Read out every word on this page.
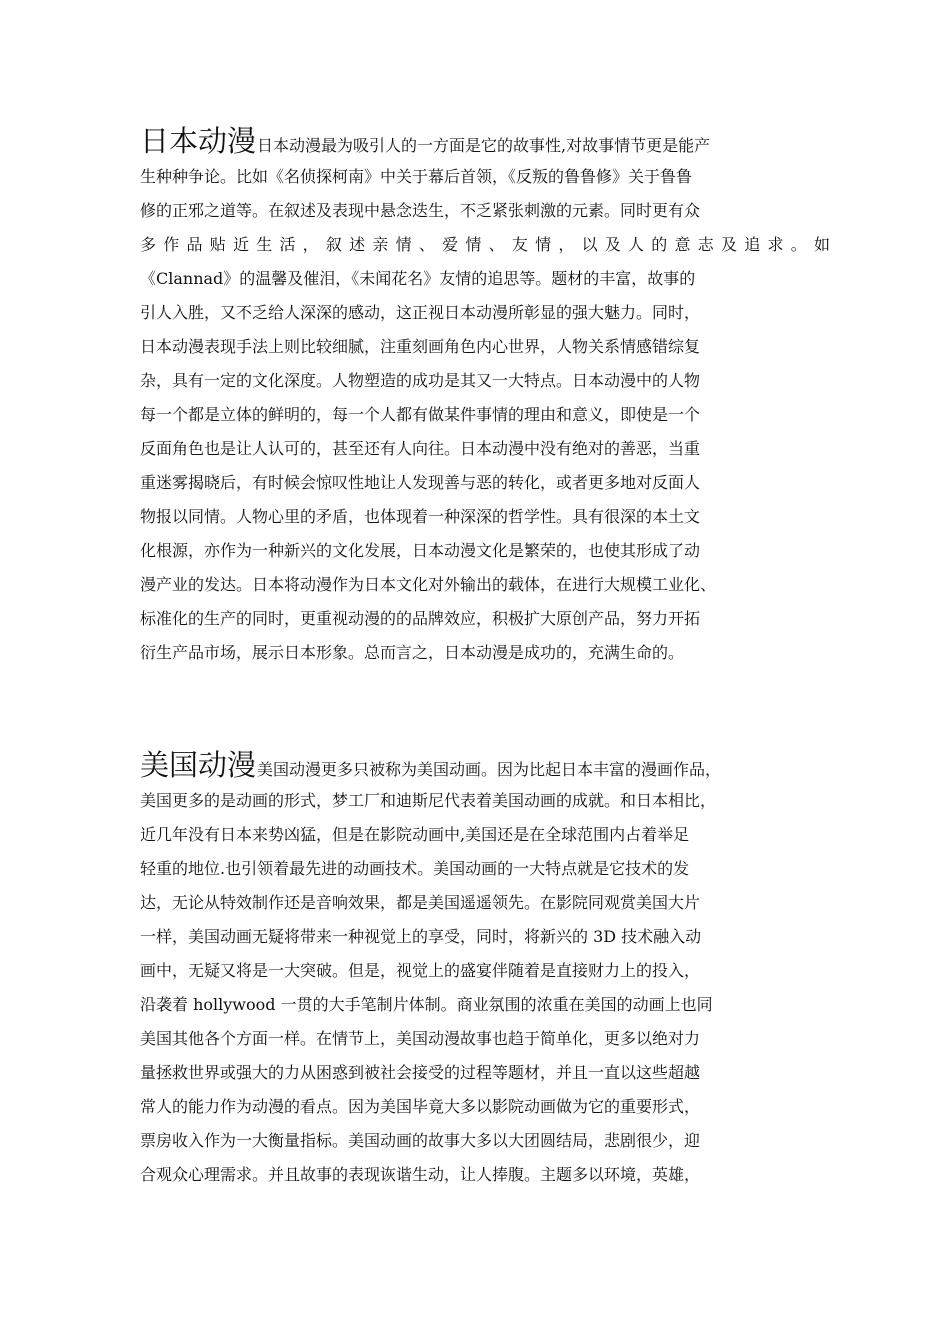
日本动漫日本动漫最为吸引人的一方面是它的故事性,对故事情节更是能产
生种种争论。比如《名侦探柯南》中关于幕后首领，《反叛的鲁鲁修》关于鲁鲁
修的正邪之道等。在叙述及表现中悬念迭生，不乏紧张刺激的元素。同时更有众
多作品贴近生活，叙述亲情、爱情、友情，以及人的意志及追求。如
《Clannad》的温馨及催泪，《未闻花名》友情的追思等。题材的丰富，故事的
引人入胜，又不乏给人深深的感动，这正视日本动漫所彰显的强大魅力。同时，
日本动漫表现手法上则比较细腻，注重刻画角色内心世界，人物关系情感错综复
杂，具有一定的文化深度。人物塑造的成功是其又一大特点。日本动漫中的人物
每一个都是立体的鲜明的，每一个人都有做某件事情的理由和意义，即使是一个
反面角色也是让人认可的，甚至还有人向往。日本动漫中没有绝对的善恶，当重
重迷雾揭晓后，有时候会惊叹性地让人发现善与恶的转化，或者更多地对反面人
物报以同情。人物心里的矛盾，也体现着一种深深的哲学性。具有很深的本土文
化根源，亦作为一种新兴的文化发展，日本动漫文化是繁荣的，也使其形成了动
漫产业的发达。日本将动漫作为日本文化对外输出的载体，在进行大规模工业化、
标准化的生产的同时，更重视动漫的的品牌效应，积极扩大原创产品，努力开拓
衍生产品市场，展示日本形象。总而言之，日本动漫是成功的，充满生命的。
美国动漫美国动漫更多只被称为美国动画。因为比起日本丰富的漫画作品，
美国更多的是动画的形式，梦工厂和迪斯尼代表着美国动画的成就。和日本相比，
近几年没有日本来势凶猛，但是在影院动画中,美国还是在全球范围内占着举足
轻重的地位.也引领着最先进的动画技术。美国动画的一大特点就是它技术的发
达，无论从特效制作还是音响效果，都是美国遥遥领先。在影院同观赏美国大片
一样，美国动画无疑将带来一种视觉上的享受，同时，将新兴的 3D 技术融入动
画中，无疑又将是一大突破。但是，视觉上的盛宴伴随着是直接财力上的投入，
沿袭着 hollywood 一贯的大手笔制片体制。商业氛围的浓重在美国的动画上也同
美国其他各个方面一样。在情节上，美国动漫故事也趋于简单化，更多以绝对力
量拯救世界或强大的力从困惑到被社会接受的过程等题材，并且一直以这些超越
常人的能力作为动漫的看点。因为美国毕竟大多以影院动画做为它的重要形式，
票房收入作为一大衡量指标。美国动画的故事大多以大团圆结局，悲剧很少，迎
合观众心理需求。并且故事的表现诙谐生动，让人捧腹。主题多以环境，英雄，
